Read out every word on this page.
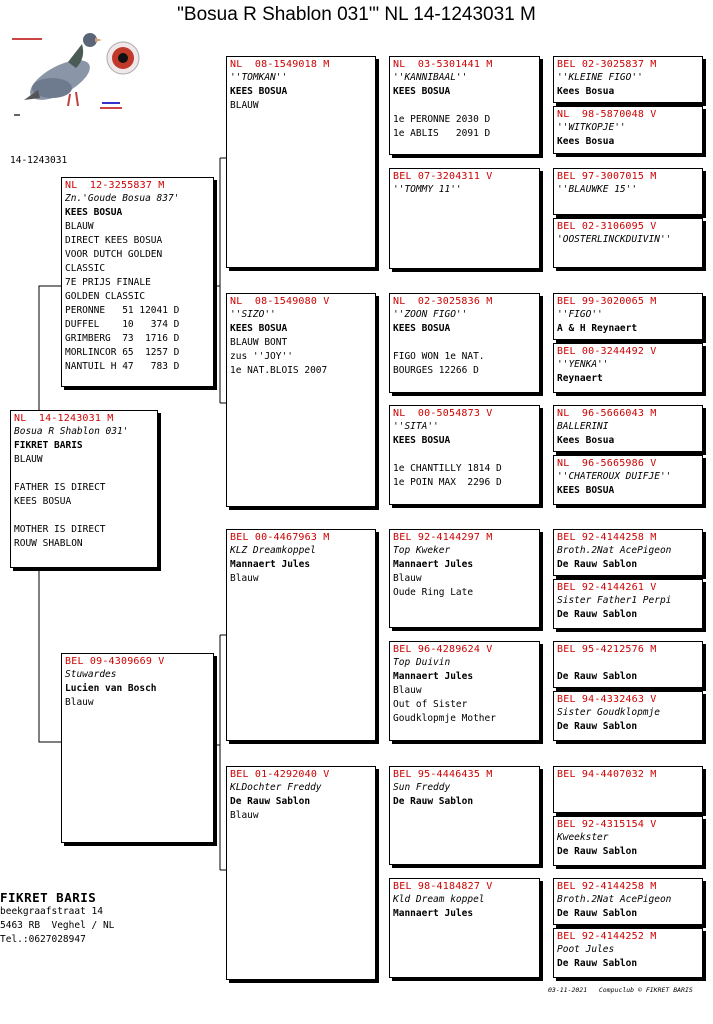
"Bosua R Shablon 031'" NL 14-1243031 M
14-1243031
NL  14-1243031 M
Bosua R Shablon 031'
FIKRET BARIS
BLAUW
FATHER IS DIRECT
KEES BOSUA
MOTHER IS DIRECT
ROUW SHABLON
NL  12-3255837 M
Zn.'Goude Bosua 837'
KEES BOSUA
BLAUW
DIRECT KEES BOSUA
VOOR DUTCH GOLDEN
CLASSIC
7E PRIJS FINALE
GOLDEN CLASSIC
PERONNE   51 12041 D
DUFFEL    10   374 D
GRIMBERG  73  1716 D
MORLINCOR 65  1257 D
NANTUIL H 47   783 D
BEL 09-4309669 V
Stuwardes
Lucien van Bosch
Blauw
NL  08-1549018 M
''TOMKAN''
KEES BOSUA
BLAUW
NL  08-1549080 V
''SIZO''
KEES BOSUA
BLAUW BONT
zus ''JOY''
1e NAT.BLOIS 2007
BEL 00-4467963 M
KLZ Dreamkoppel
Mannaert Jules
Blauw
BEL 01-4292040 V
KLDochter Freddy
De Rauw Sablon
Blauw
NL  03-5301441 M
''KANNIBAAL''
KEES BOSUA
1e PERONNE 2030 D
1e ABLIS   2091 D
BEL 07-3204311 V
''TOMMY 11''
NL  02-3025836 M
''ZOON FIGO''
KEES BOSUA
FIGO WON 1e NAT.
BOURGES 12266 D
NL  00-5054873 V
''SITA''
KEES BOSUA
1e CHANTILLY 1814 D
1e POIN MAX  2296 D
BEL 92-4144297 M
Top Kweker
Mannaert Jules
Blauw
Oude Ring Late
BEL 96-4289624 V
Top Duivin
Mannaert Jules
Blauw
Out of Sister
Goudklopmje Mother
BEL 95-4446435 M
Sun Freddy
De Rauw Sablon
BEL 98-4184827 V
Kld Dream koppel
Mannaert Jules
BEL 02-3025837 M
''KLEINE FIGO''
Kees Bosua
NL  98-5870048 V
''WITKOPJE''
Kees Bosua
BEL 97-3007015 M
''BLAUWKE 15''
BEL 02-3106095 V
'OOSTERLINCKDUIVIN''
BEL 99-3020065 M
''FIGO''
A & H Reynaert
BEL 00-3244492 V
''YENKA''
Reynaert
NL  96-5666043 M
BALLERINI
Kees Bosua
NL  96-5665986 V
''CHATEROUX DUIFJE''
KEES BOSUA
BEL 92-4144258 M
Broth.2Nat AcePigeon
De Rauw Sablon
BEL 92-4144261 V
Sister Father1 Perpi
De Rauw Sablon
BEL 95-4212576 M
De Rauw Sablon
BEL 94-4332463 V
Sister Goudklopmje
De Rauw Sablon
BEL 94-4407032 M
BEL 92-4315154 V
Kweekster
De Rauw Sablon
BEL 92-4144258 M
Broth.2Nat AcePigeon
De Rauw Sablon
BEL 92-4144252 M
Poot Jules
De Rauw Sablon
FIKRET BARIS
beekgraafstraat 14
5463 RB  Veghel / NL
Tel.:0627028947
03-11-2021   Compuclub © FIKRET BARIS
